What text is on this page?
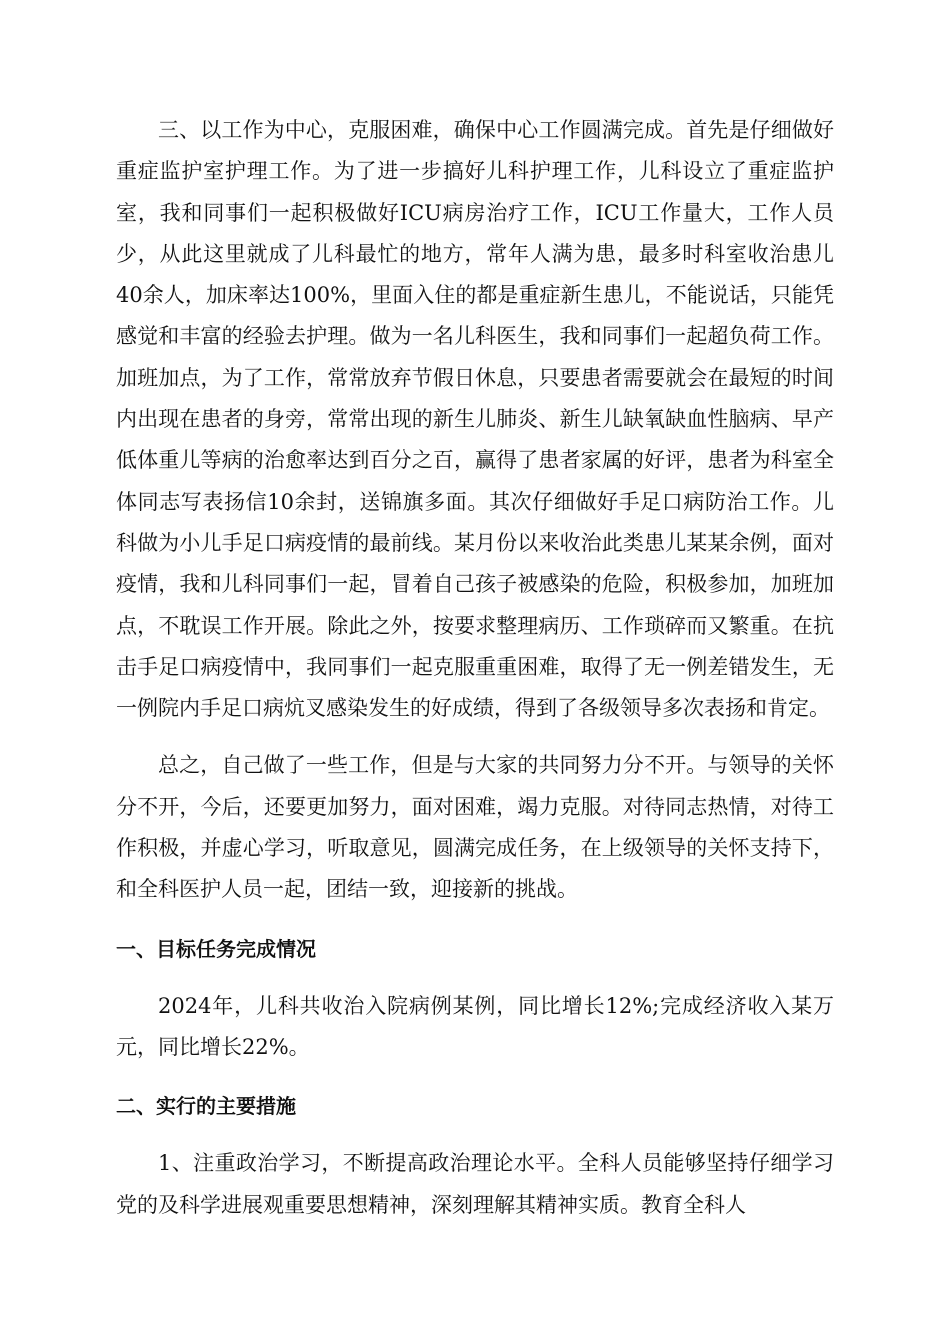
三、以工作为中心，克服困难，确保中心工作圆满完成。首先是仔细做好重症监护室护理工作。为了进一步搞好儿科护理工作，儿科设立了重症监护室，我和同事们一起积极做好ICU病房治疗工作，ICU工作量大，工作人员少，从此这里就成了儿科最忙的地方，常年人满为患，最多时科室收治患儿40余人，加床率达100%，里面入住的都是重症新生患儿，不能说话，只能凭感觉和丰富的经验去护理。做为一名儿科医生，我和同事们一起超负荷工作。加班加点，为了工作，常常放弃节假日休息，只要患者需要就会在最短的时间内出现在患者的身旁，常常出现的新生儿肺炎、新生儿缺氧缺血性脑病、早产低体重儿等病的治愈率达到百分之百，赢得了患者家属的好评，患者为科室全体同志写表扬信10余封，送锦旗多面。其次仔细做好手足口病防治工作。儿科做为小儿手足口病疫情的最前线。某月份以来收治此类患儿某某余例，面对疫情，我和儿科同事们一起，冒着自己孩子被感染的危险，积极参加，加班加点，不耽误工作开展。除此之外，按要求整理病历、工作琐碎而又繁重。在抗击手足口病疫情中，我同事们一起克服重重困难，取得了无一例差错发生，无一例院内手足口病炕叉感染发生的好成绩，得到了各级领导多次表扬和肯定。

总之，自己做了一些工作，但是与大家的共同努力分不开。与领导的关怀分不开，今后，还要更加努力，面对困难，竭力克服。对待同志热情，对待工作积极，并虚心学习，听取意见，圆满完成任务，在上级领导的关怀支持下，和全科医护人员一起，团结一致，迎接新的挑战。

一、目标任务完成情况

2024年，儿科共收治入院病例某例，同比增长12%;完成经济收入某万元，同比增长22%。

二、实行的主要措施

1、注重政治学习，不断提高政治理论水平。全科人员能够坚持仔细学习党的及科学进展观重要思想精神，深刻理解其精神实质。教育全科人
